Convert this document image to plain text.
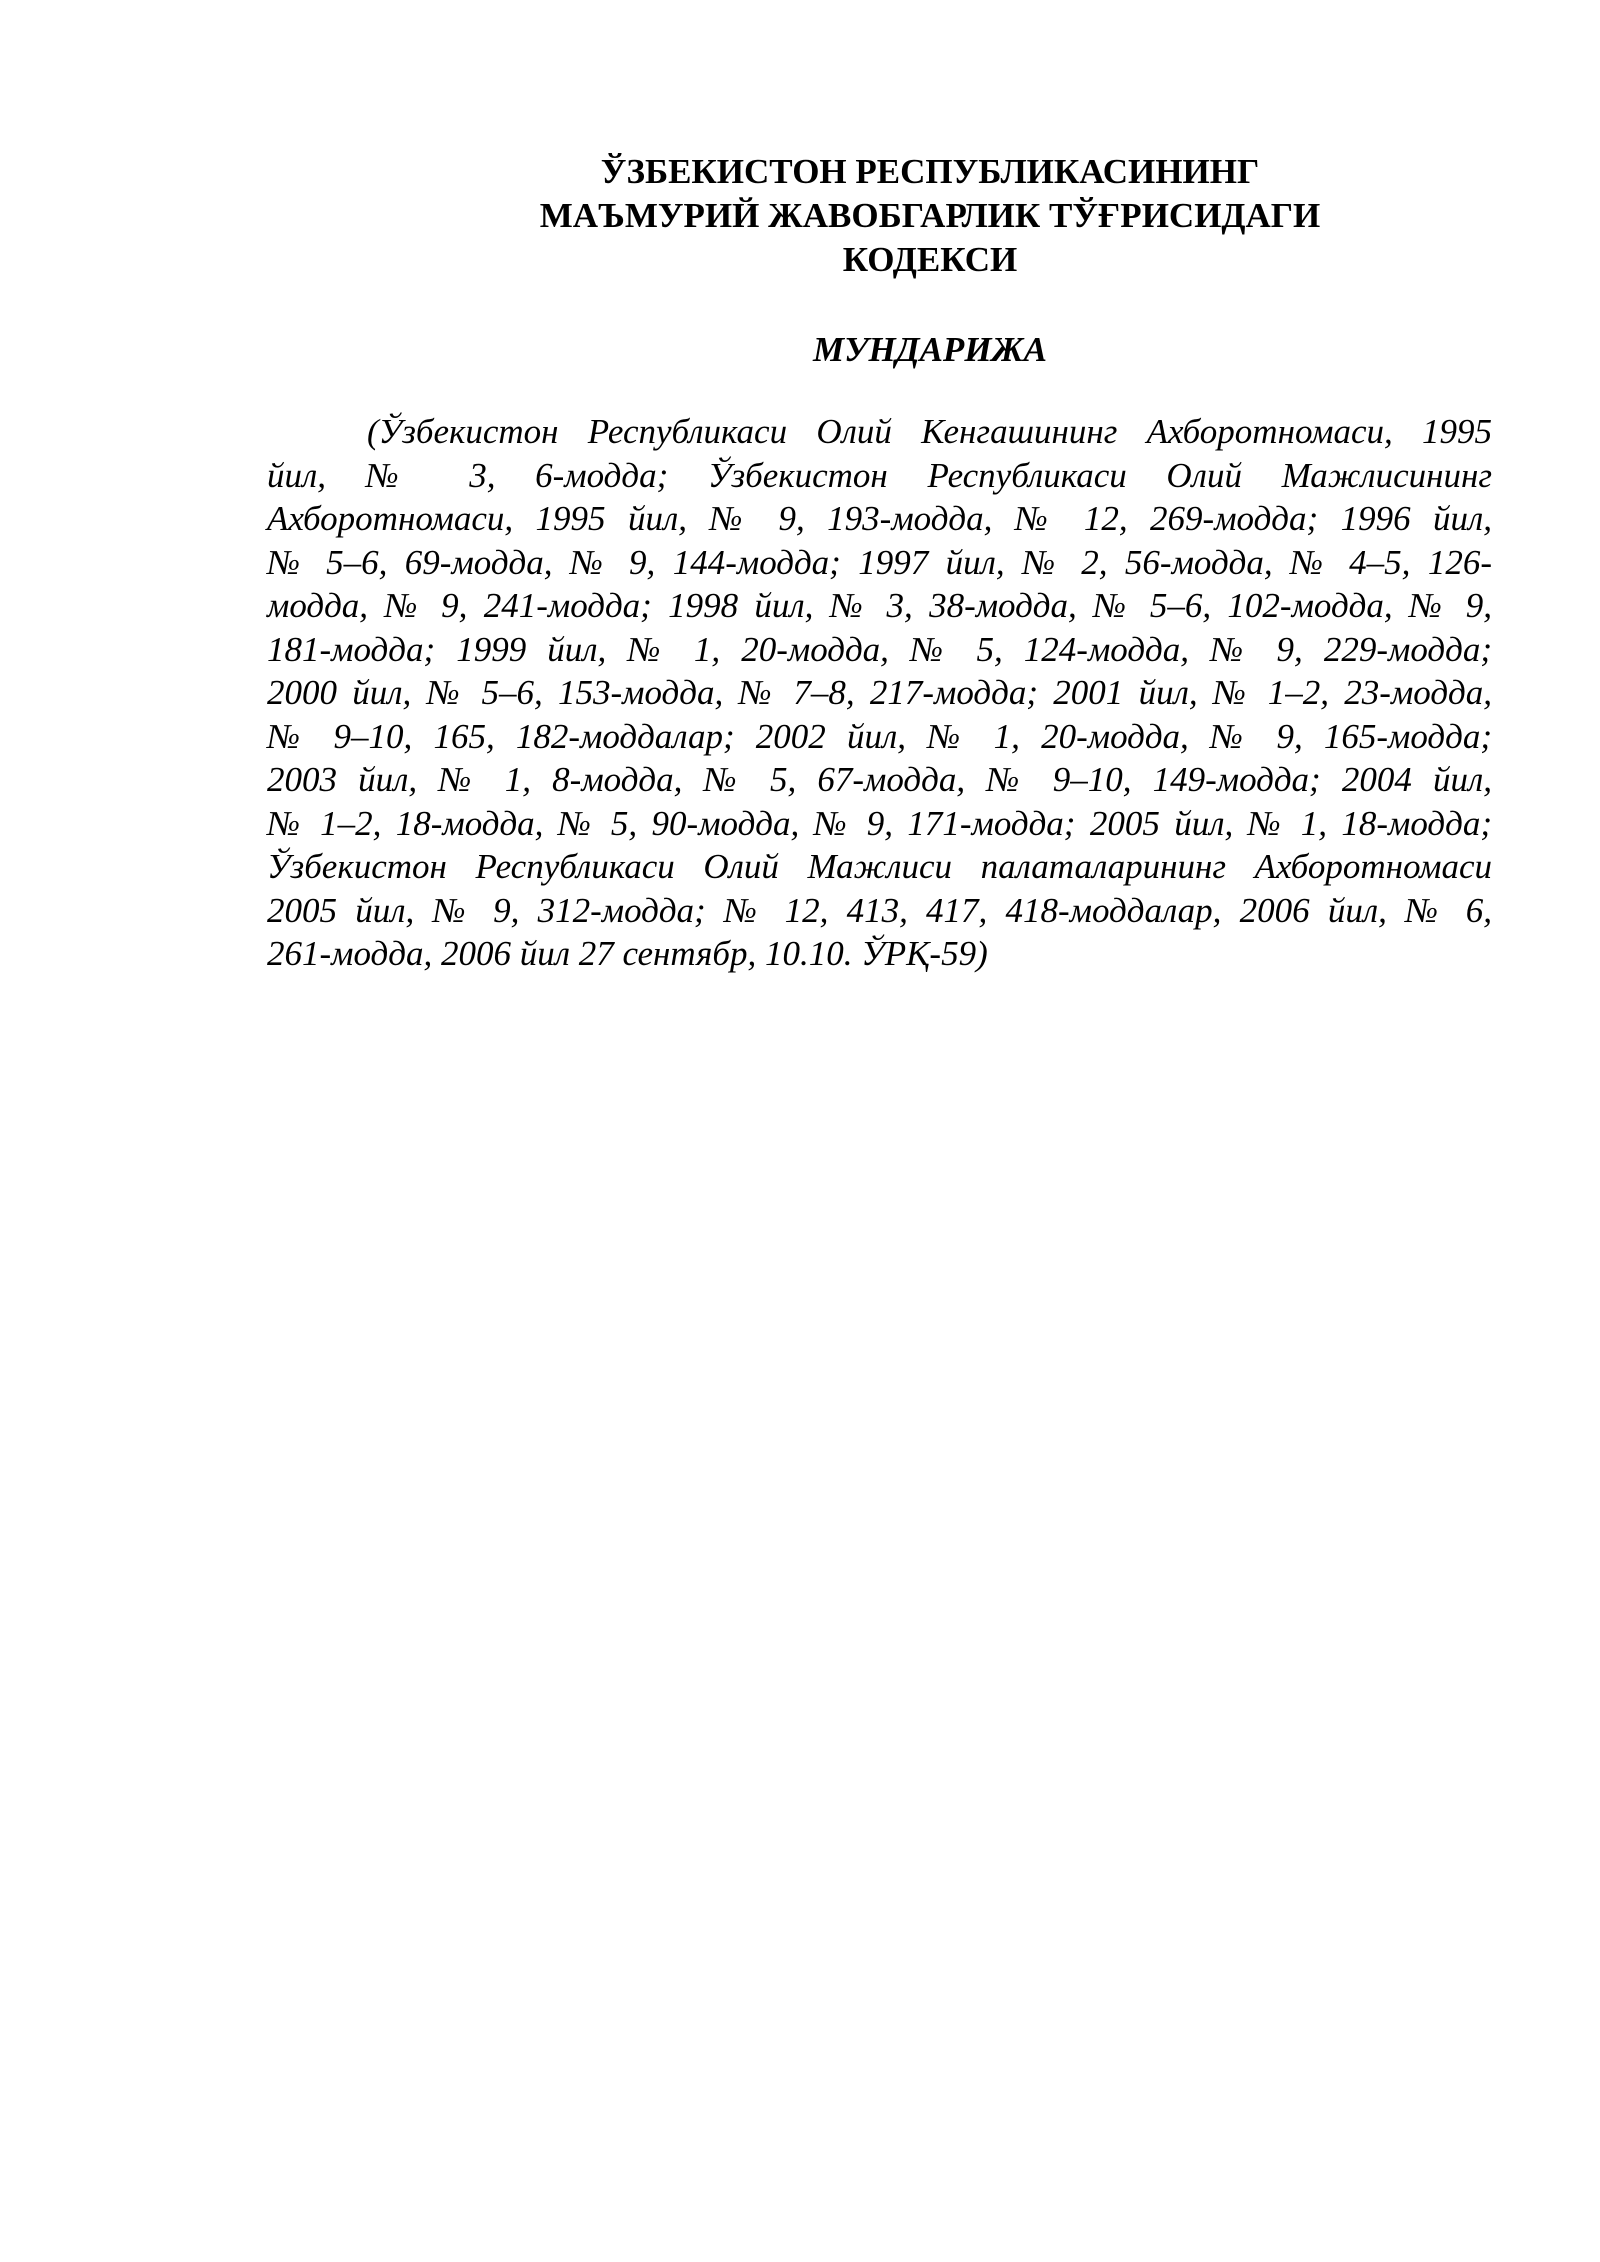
ЎЗБЕКИСТОН РЕСПУБЛИКАСИНИНГ
МАЪМУРИЙ ЖАВОБГАРЛИК ТЎҒРИСИДАГИ
КОДЕКСИ
МУНДАРИЖА
(Ўзбекистон Республикаси Олий Кенгашининг Ахборотномаси, 1995
йил, № 3, 6-модда; Ўзбекистон Республикаси Олий Мажлисининг
Ахборотномаси, 1995 йил, № 9, 193-модда, № 12, 269-модда; 1996 йил,
№ 5–6, 69-модда, № 9, 144-модда; 1997 йил, № 2, 56-модда, № 4–5, 126-
модда, № 9, 241-модда; 1998 йил, № 3, 38-модда, № 5–6, 102-модда, № 9,
181-модда; 1999 йил, № 1, 20-модда, № 5, 124-модда, № 9, 229-модда;
2000 йил, № 5–6, 153-модда, № 7–8, 217-модда; 2001 йил, № 1–2, 23-модда,
№ 9–10, 165, 182-моддалар; 2002 йил, № 1, 20-модда, № 9, 165-модда;
2003 йил, № 1, 8-модда, № 5, 67-модда, № 9–10, 149-модда; 2004 йил,
№ 1–2, 18-модда, № 5, 90-модда, № 9, 171-модда; 2005 йил, № 1, 18-модда;
Ўзбекистон Республикаси Олий Мажлиси палаталарининг Ахборотномаси
2005 йил, № 9, 312-модда; № 12, 413, 417, 418-моддалар, 2006 йил, № 6,
261-модда, 2006 йил 27 сентябр, 10.10. ЎРҚ-59)
